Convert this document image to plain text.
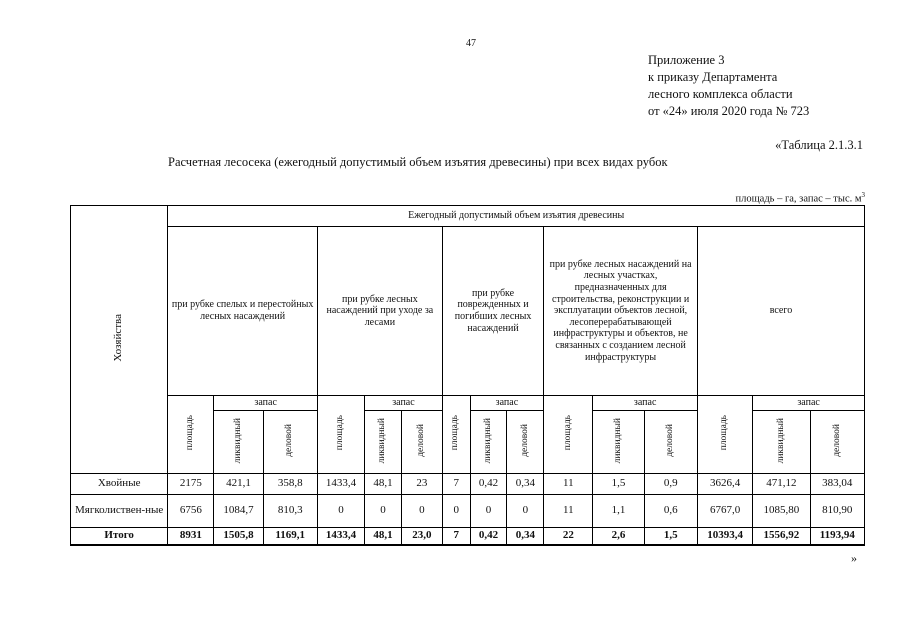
47
Приложение 3
к приказу Департамента
лесного комплекса области
от «24» июля 2020 года № 723
«Таблица 2.1.3.1
Расчетная лесосека (ежегодный допустимый объем изъятия древесины) при всех видах рубок
площадь – га, запас – тыс. $м^3$
Хозяйства	Ежегодный допустимый объем изъятия древесины														
	при рубке спелых и перестойных лесных насаждений			при рубке лесных насаждений при уходе за лесами			при рубке поврежденных и погибших лесных насаждений			при рубке лесных насаждений на лесных участках, предназначенных для строительства, реконструкции и эксплуатации объектов лесной, лесоперерабатывающей инфраструктуры и объектов, не связанных с созданием лесной инфраструктуры			всего		
	площадь	запас		площадь	запас		площадь	запас		площадь	запас		площадь	запас	
		ликвидный	деловой		ликвидный	деловой		ликвидный	деловой		ликвидный	деловой		ликвидный	деловой
Хвойные	2175	421,1	358,8	1433,4	48,1	23	7	0,42	0,34	11	1,5	0,9	3626,4	471,12	383,04
Мягколиствен-ные	6756	1084,7	810,3	0	0	0	0	0	0	11	1,1	0,6	6767,0	1085,80	810,90
Итого	8931	1505,8	1169,1	1433,4	48,1	23,0	7	0,42	0,34	22	2,6	1,5	10393,4	1556,92	1193,94
»
